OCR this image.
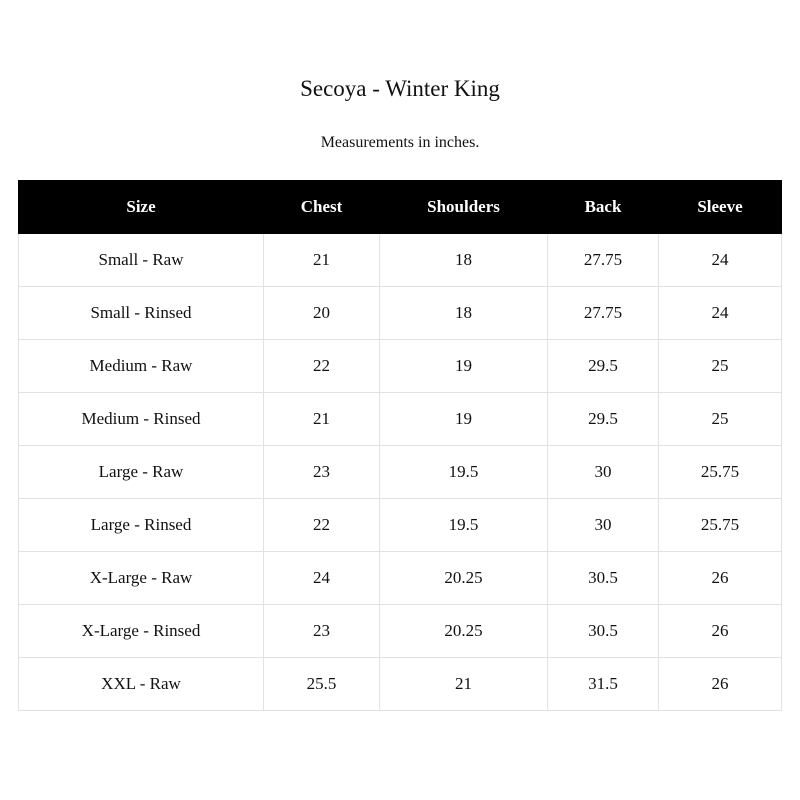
Secoya - Winter King
Measurements in inches.
Size	Chest	Shoulders	Back	Sleeve
Small - Raw	21	18	27.75	24
Small - Rinsed	20	18	27.75	24
Medium - Raw	22	19	29.5	25
Medium - Rinsed	21	19	29.5	25
Large - Raw	23	19.5	30	25.75
Large - Rinsed	22	19.5	30	25.75
X-Large - Raw	24	20.25	30.5	26
X-Large - Rinsed	23	20.25	30.5	26
XXL - Raw	25.5	21	31.5	26
